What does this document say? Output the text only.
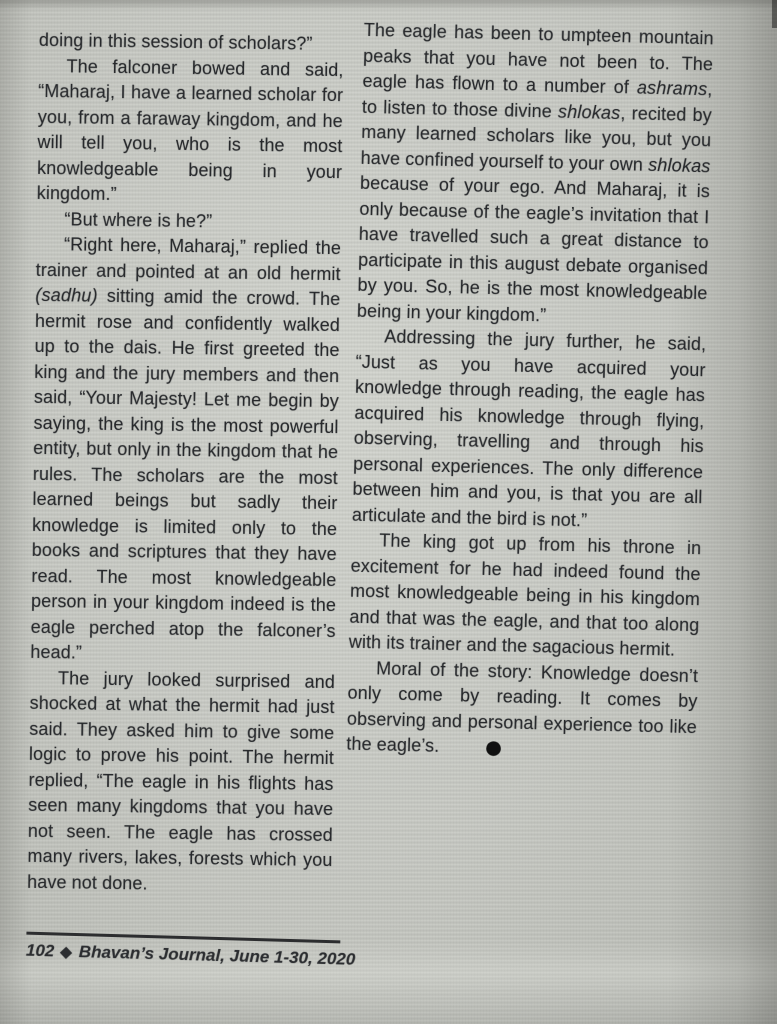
doing in this session of scholars?”

The falconer bowed and said, “Maharaj, I have a learned scholar for you, from a faraway kingdom, and he will tell you, who is the most knowledgeable being in your kingdom.”

“But where is he?”

“Right here, Maharaj,” replied the trainer and pointed at an old hermit (sadhu) sitting amid the crowd. The hermit rose and confidently walked up to the dais. He first greeted the king and the jury members and then said, “Your Majesty! Let me begin by saying, the king is the most powerful entity, but only in the kingdom that he rules. The scholars are the most learned beings but sadly their knowledge is limited only to the books and scriptures that they have read. The most knowledgeable person in your kingdom indeed is the eagle perched atop the falconer’s head.”

The jury looked surprised and shocked at what the hermit had just said. They asked him to give some logic to prove his point. The hermit replied, “The eagle in his flights has seen many kingdoms that you have not seen. The eagle has crossed many rivers, lakes, forests which you have not done.

The eagle has been to umpteen mountain peaks that you have not been to. The eagle has flown to a number of ashrams, to listen to those divine shlokas, recited by many learned scholars like you, but you have confined yourself to your own shlokas because of your ego. And Maharaj, it is only because of the eagle’s invitation that I have travelled such a great distance to participate in this august debate organised by you. So, he is the most knowledgeable being in your kingdom.”

Addressing the jury further, he said, “Just as you have acquired your knowledge through reading, the eagle has acquired his knowledge through flying, observing, travelling and through his personal experiences. The only difference between him and you, is that you are all articulate and the bird is not.”

The king got up from his throne in excitement for he had indeed found the most knowledgeable being in his kingdom and that was the eagle, and that too along with its trainer and the sagacious hermit.

Moral of the story: Knowledge doesn’t only come by reading. It comes by observing and personal experience too like the eagle’s. ●

102 ◆ Bhavan’s Journal, June 1-30, 2020
